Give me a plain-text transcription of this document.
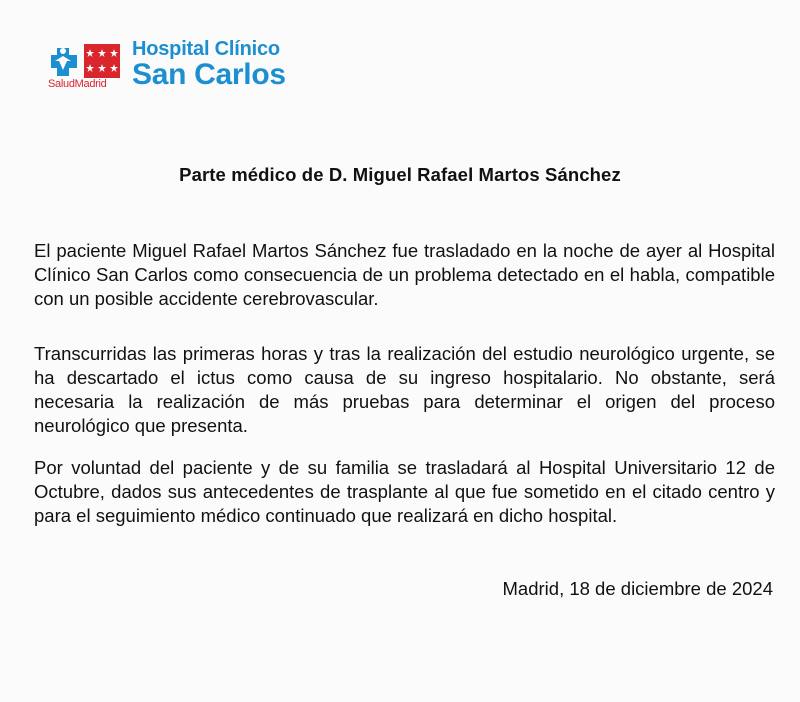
SaludMadrid
Hospital Clínico
San Carlos
Parte médico de D. Miguel Rafael Martos Sánchez
El paciente Miguel Rafael Martos Sánchez fue trasladado en la noche de ayer al Hospital Clínico San Carlos como consecuencia de un problema detectado en el habla, compatible con un posible accidente cerebrovascular.
Transcurridas las primeras horas y tras la realización del estudio neurológico urgente, se ha descartado el ictus como causa de su ingreso hospitalario. No obstante, será necesaria la realización de más pruebas para determinar el origen del proceso neurológico que presenta.
Por voluntad del paciente y de su familia se trasladará al Hospital Universitario 12 de Octubre, dados sus antecedentes de trasplante al que fue sometido en el citado centro y para el seguimiento médico continuado que realizará en dicho hospital.
Madrid, 18 de diciembre de 2024
